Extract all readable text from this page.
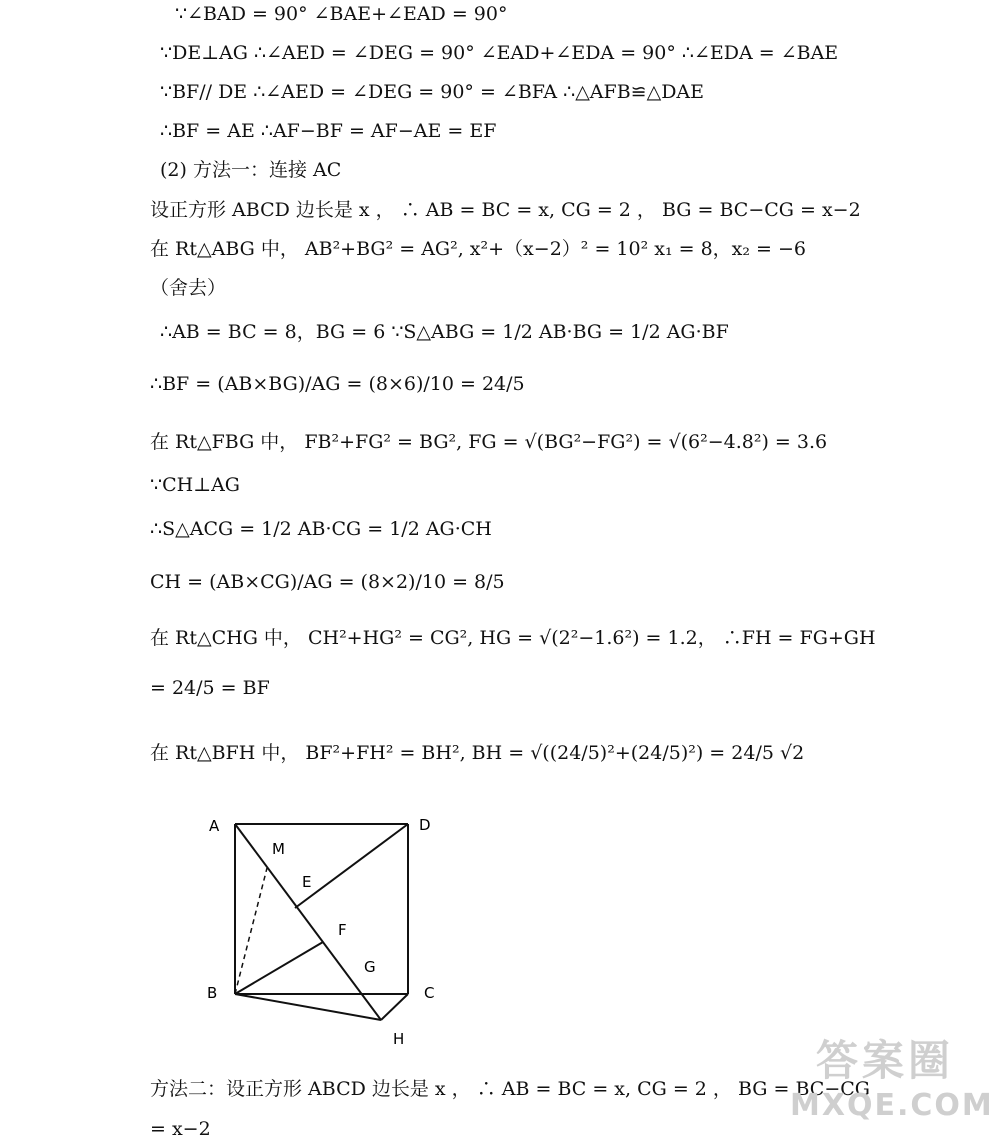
∵∠BAD = 90° ∠BAE+∠EAD = 90°
∵DE⊥AG ∴∠AED = ∠DEG = 90° ∠EAD+∠EDA = 90° ∴∠EDA = ∠BAE
∵BF// DE ∴∠AED = ∠DEG = 90° = ∠BFA ∴△AFB≌△DAE
∴BF = AE ∴AF−BF = AF−AE = EF
(2) 方法一：连接 AC
设正方形 ABCD 边长是 x ， ∴ AB = BC = x, CG = 2 ， BG = BC−CG = x−2
在 Rt△ABG 中， AB²+BG² = AG², x²+（x−2）² = 10² x₁ = 8，x₂ = −6
（舍去）
∴AB = BC = 8，BG = 6 ∵S△ABG = 1/2 AB·BG = 1/2 AG·BF
∴BF = (AB×BG)/AG = (8×6)/10 = 24/5
在 Rt△FBG 中， FB²+FG² = BG², FG = √(BG²−FG²) = √(6²−4.8²) = 3.6
∵CH⊥AG
∴S△ACG = 1/2 AB·CG = 1/2 AG·CH
CH = (AB×CG)/AG = (8×2)/10 = 8/5
在 Rt△CHG 中， CH²+HG² = CG², HG = √(2²−1.6²) = 1.2， ∴FH = FG+GH
= 24/5 = BF
在 Rt△BFH 中， BF²+FH² = BH², BH = √((24/5)²+(24/5)²) = 24/5 √2
A	D
B	C
M
E
F
G
H
方法二：设正方形 ABCD 边长是 x ， ∴ AB = BC = x, CG = 2 ， BG = BC−CG
= x−2
答案圈
MXQE.COM
